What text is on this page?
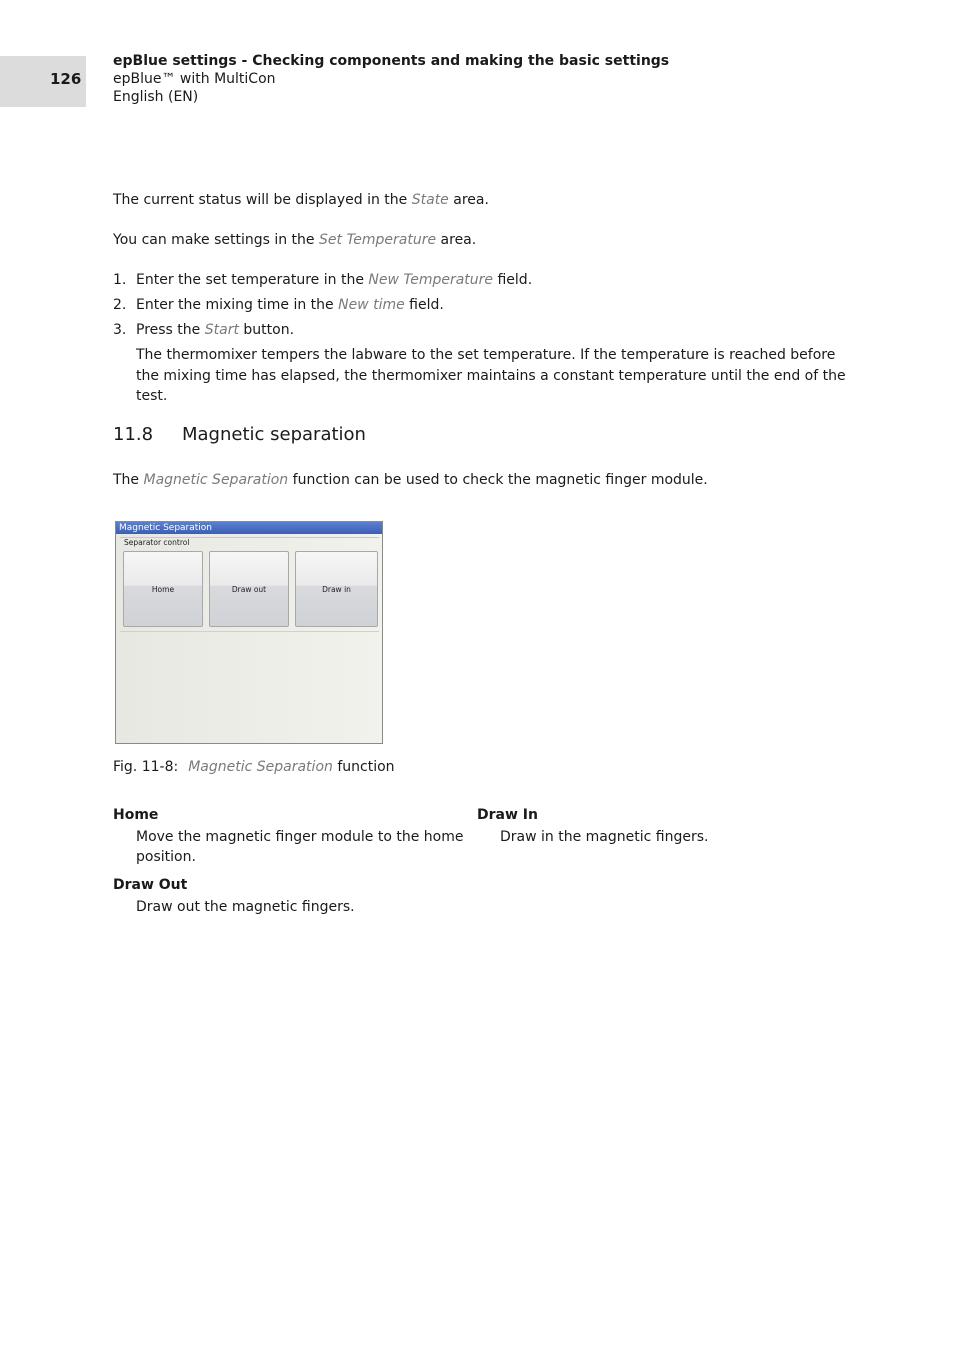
126
epBlue settings - Checking components and making the basic settings
epBlue™ with MultiCon
English (EN)
The current status will be displayed in the State area.
You can make settings in the Set Temperature area.
1. Enter the set temperature in the New Temperature field.
2. Enter the mixing time in the New time field.
3. Press the Start button.
The thermomixer tempers the labware to the set temperature. If the temperature is reached before the mixing time has elapsed, the thermomixer maintains a constant temperature until the end of the test.
11.8 Magnetic separation
The Magnetic Separation function can be used to check the magnetic finger module.
Magnetic Separation
Separator control
Home	Draw out	Draw in
Fig. 11-8: Magnetic Separation function
Home
Move the magnetic finger module to the home position.
Draw Out
Draw out the magnetic fingers.
Draw In
Draw in the magnetic fingers.
